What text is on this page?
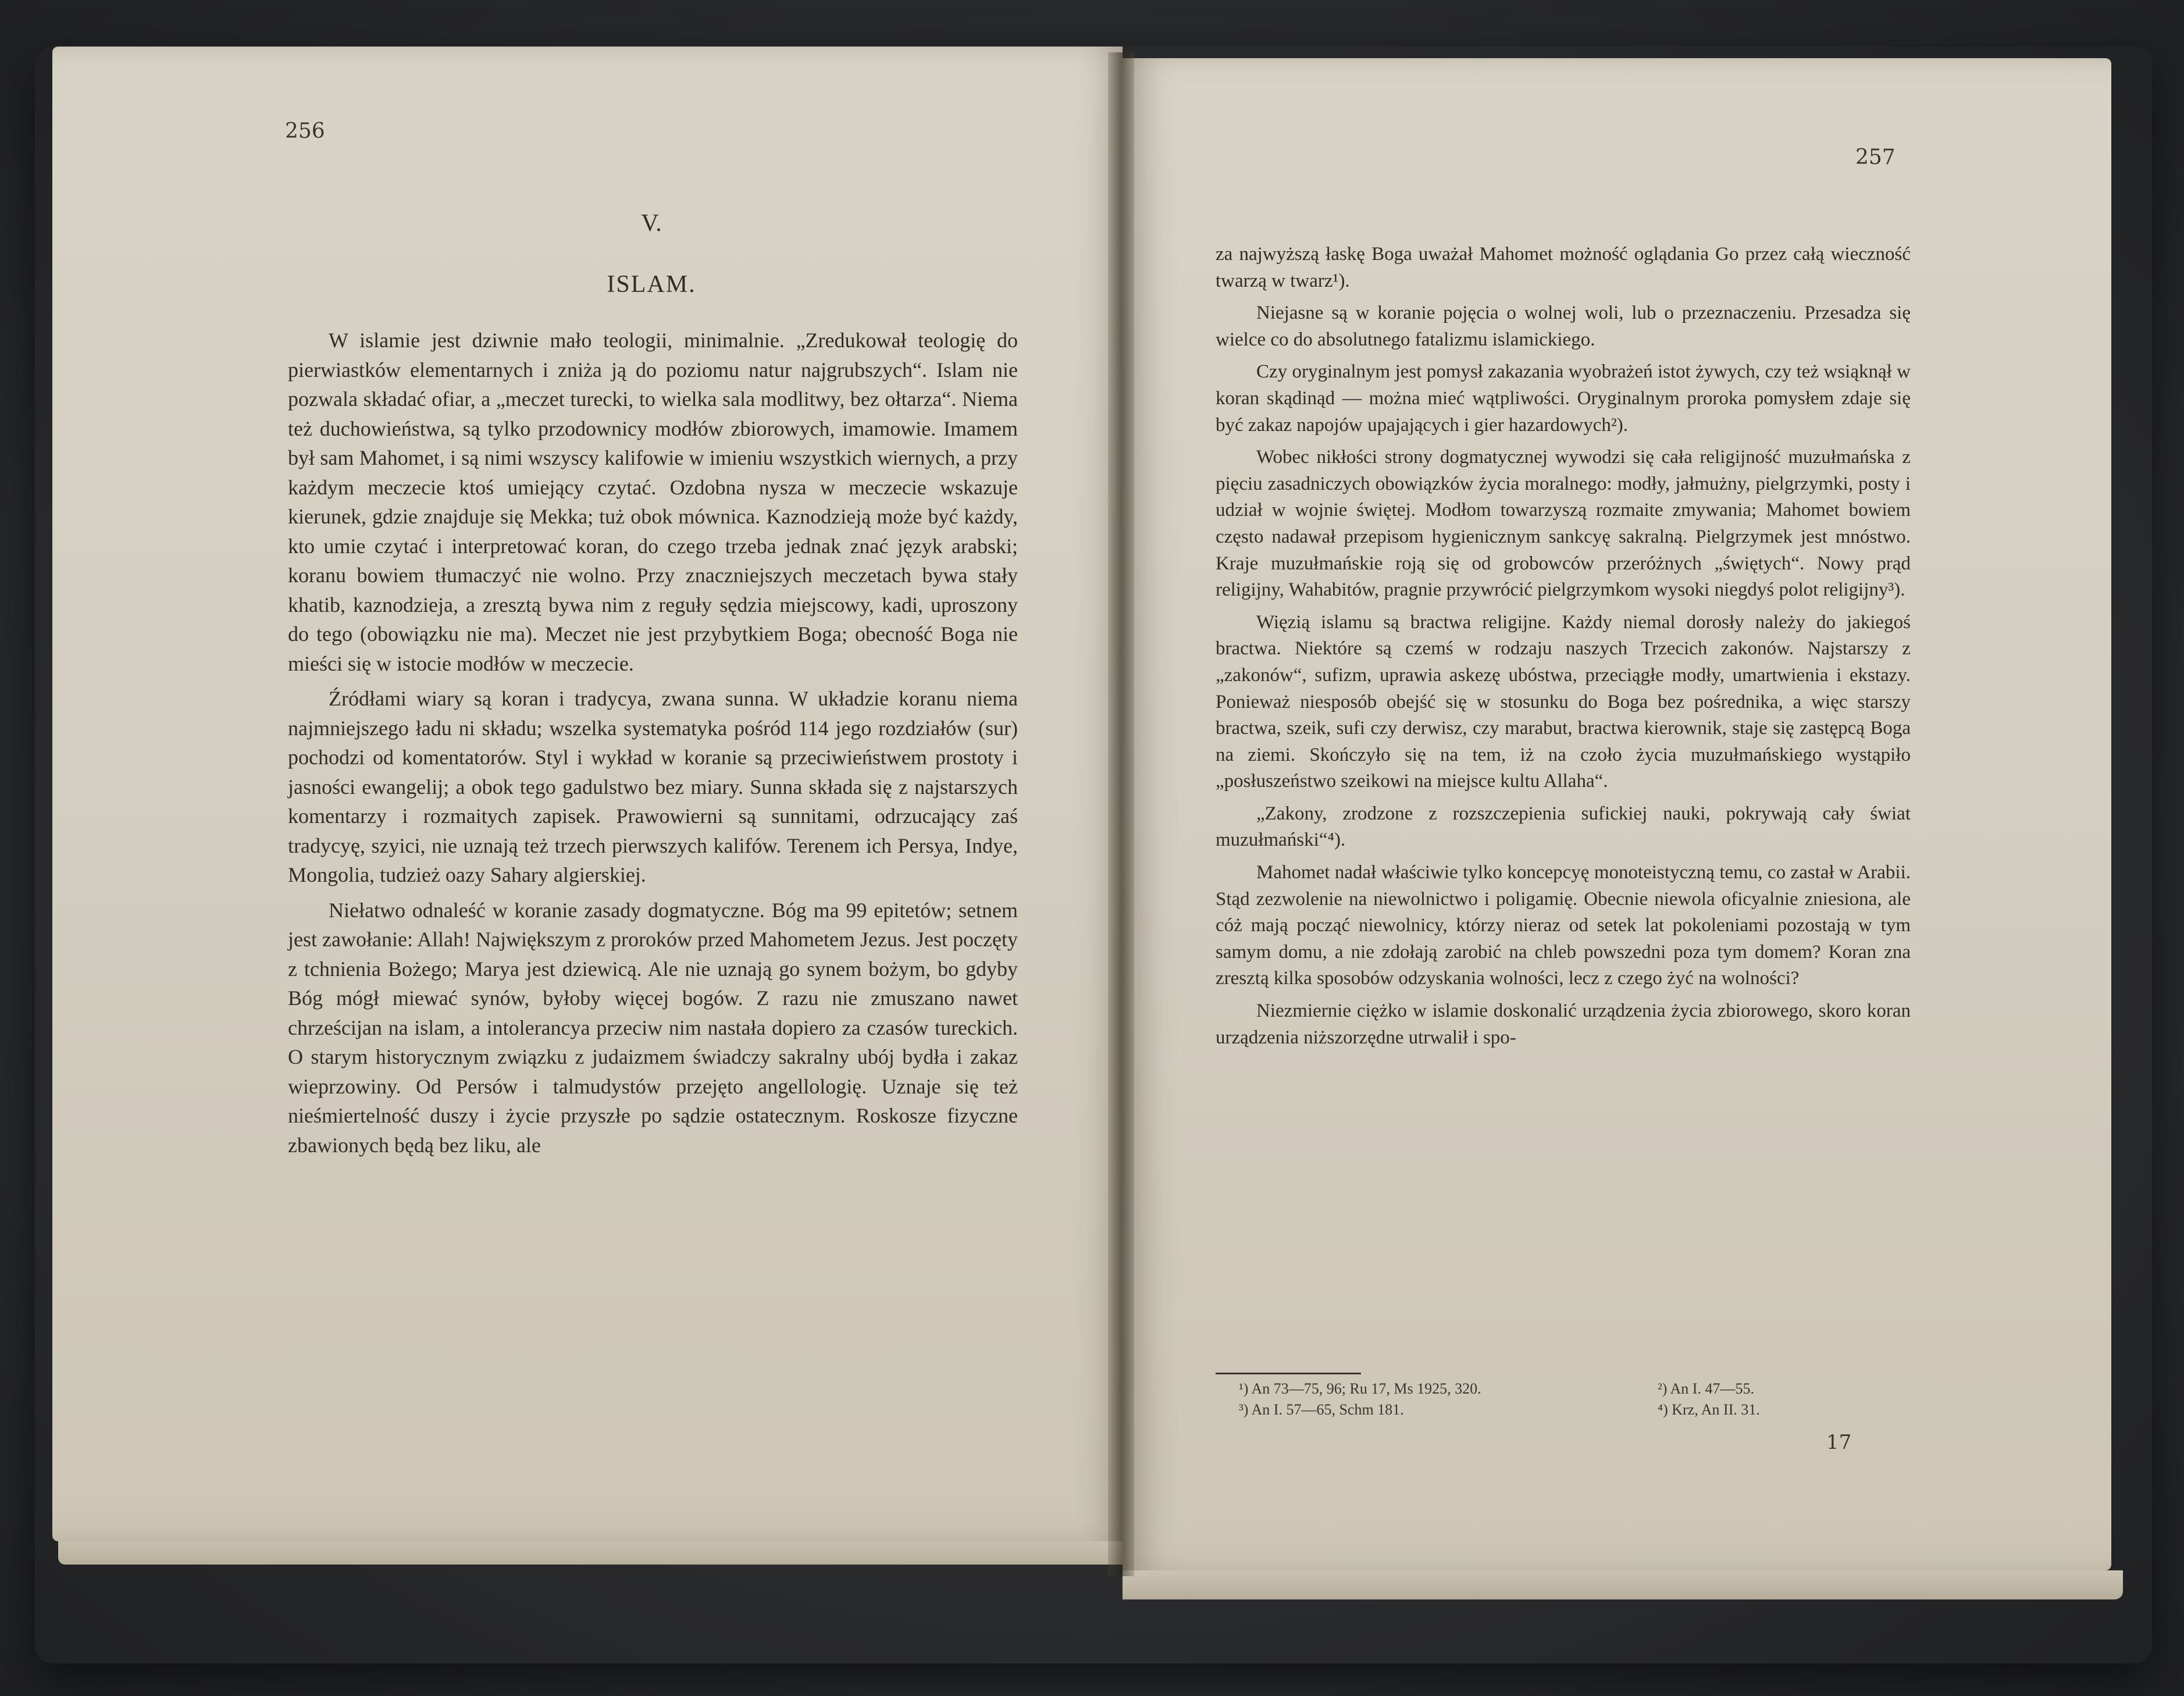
256
V.
ISLAM.

W islamie jest dziwnie mało teologii, minimalnie. „Zredukował teologię do pierwiastków elementarnych i zniża ją do poziomu natur najgrubszych“. Islam nie pozwala składać ofiar, a „meczet turecki, to wielka sala modlitwy, bez ołtarza“. Niema też duchowieństwa, są tylko przodownicy modłów zbiorowych, imamowie. Imamem był sam Mahomet, i są nimi wszyscy kalifowie w imieniu wszystkich wiernych, a przy każdym meczecie ktoś umiejący czytać. Ozdobna nysza w meczecie wskazuje kierunek, gdzie znajduje się Mekka; tuż obok mównica. Kaznodzieją może być każdy, kto umie czytać i interpretować koran, do czego trzeba jednak znać język arabski; koranu bowiem tłumaczyć nie wolno. Przy znaczniejszych meczetach bywa stały khatib, kaznodzieja, a zresztą bywa nim z reguły sędzia miejscowy, kadi, uproszony do tego (obowiązku nie ma). Meczet nie jest przybytkiem Boga; obecność Boga nie mieści się w istocie modłów w meczecie.

Źródłami wiary są koran i tradycya, zwana sunna. W układzie koranu niema najmniejszego ładu ni składu; wszelka systematyka pośród 114 jego rozdziałów (sur) pochodzi od komentatorów. Styl i wykład w koranie są przeciwieństwem prostoty i jasności ewangelij; a obok tego gadulstwo bez miary. Sunna składa się z najstarszych komentarzy i rozmaitych zapisek. Prawowierni są sunnitami, odrzucający zaś tradycyę, szyici, nie uznają też trzech pierwszych kalifów. Terenem ich Persya, Indye, Mongolia, tudzież oazy Sahary algierskiej.

Niełatwo odnaleść w koranie zasady dogmatyczne. Bóg ma 99 epitetów; setnem jest zawołanie: Allah! Największym z proroków przed Mahometem Jezus. Jest poczęty z tchnienia Bożego; Marya jest dziewicą. Ale nie uznają go synem bożym, bo gdyby Bóg mógł miewać synów, byłoby więcej bogów. Z razu nie zmuszano nawet chrześcijan na islam, a intolerancya przeciw nim nastała dopiero za czasów tureckich. O starym historycznym związku z judaizmem świadczy sakralny ubój bydła i zakaz wieprzowiny. Od Persów i talmudystów przejęto angellologię. Uznaje się też nieśmiertelność duszy i życie przyszłe po sądzie ostatecznym. Roskosze fizyczne zbawionych będą bez liku, ale

257

za najwyższą łaskę Boga uważał Mahomet możność oglądania Go przez całą wieczność twarzą w twarz¹).

Niejasne są w koranie pojęcia o wolnej woli, lub o przeznaczeniu. Przesadza się wielce co do absolutnego fatalizmu islamickiego.

Czy oryginalnym jest pomysł zakazania wyobrażeń istot żywych, czy też wsiąknął w koran skądinąd — można mieć wątpliwości. Oryginalnym proroka pomysłem zdaje się być zakaz napojów upajających i gier hazardowych²).

Wobec nikłości strony dogmatycznej wywodzi się cała religijność muzułmańska z pięciu zasadniczych obowiązków życia moralnego: modły, jałmużny, pielgrzymki, posty i udział w wojnie świętej. Modłom towarzyszą rozmaite zmywania; Mahomet bowiem często nadawał przepisom hygienicznym sankcyę sakralną. Pielgrzymek jest mnóstwo. Kraje muzułmańskie roją się od grobowców przeróżnych „świętych“. Nowy prąd religijny, Wahabitów, pragnie przywrócić pielgrzymkom wysoki niegdyś polot religijny³).

Więzią islamu są bractwa religijne. Każdy niemal dorosły należy do jakiegoś bractwa. Niektóre są czemś w rodzaju naszych Trzecich zakonów. Najstarszy z „zakonów“, sufizm, uprawia askezę ubóstwa, przeciągłe modły, umartwienia i ekstazy. Ponieważ niesposób obejść się w stosunku do Boga bez pośrednika, a więc starszy bractwa, szeik, sufi czy derwisz, czy marabut, bractwa kierownik, staje się zastępcą Boga na ziemi. Skończyło się na tem, iż na czoło życia muzułmańskiego wystąpiło „posłuszeństwo szeikowi na miejsce kultu Allaha“.

„Zakony, zrodzone z rozszczepienia sufickiej nauki, pokrywają cały świat muzułmański“⁴).

Mahomet nadał właściwie tylko koncepcyę monoteistyczną temu, co zastał w Arabii. Stąd zezwolenie na niewolnictwo i poligamię. Obecnie niewola oficyalnie zniesiona, ale cóż mają począć niewolnicy, którzy nieraz od setek lat pokoleniami pozostają w tym samym domu, a nie zdołają zarobić na chleb powszedni poza tym domem? Koran zna zresztą kilka sposobów odzyskania wolności, lecz z czego żyć na wolności?

Niezmiernie ciężko w islamie doskonalić urządzenia życia zbiorowego, skoro koran urządzenia niższorzędne utrwalił i spo-

¹) An 73—75, 96; Ru 17, Ms 1925, 320.	²) An I. 47—55.
³) An I. 57—65, Schm 181.	⁴) Krz, An II. 31.
17
